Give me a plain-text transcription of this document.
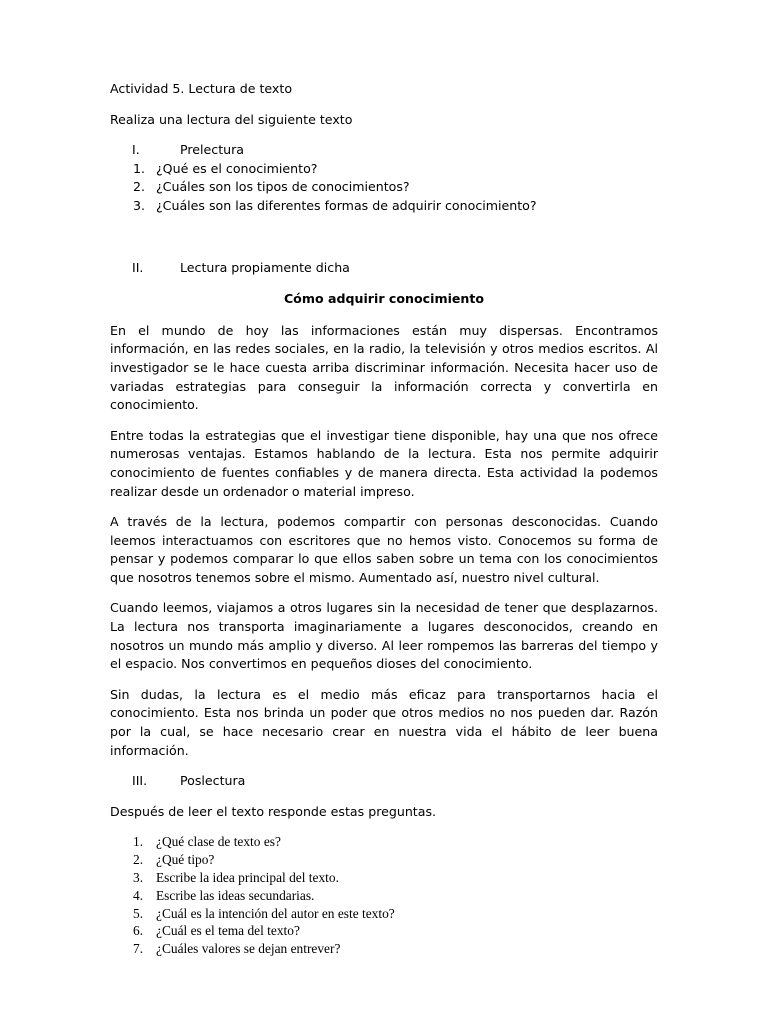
Actividad 5. Lectura de texto

Realiza una lectura del siguiente texto

I.	Prelectura
1. ¿Qué es el conocimiento?
2. ¿Cuáles son los tipos de conocimientos?
3. ¿Cuáles son las diferentes formas de adquirir conocimiento?
II.	Lectura propiamente dicha

Cómo adquirir conocimiento

En el mundo de hoy las informaciones están muy dispersas. Encontramos información, en las redes sociales, en la radio, la televisión y otros medios escritos. Al investigador se le hace cuesta arriba discriminar información. Necesita hacer uso de variadas estrategias para conseguir la información correcta y convertirla en conocimiento.

Entre todas la estrategias que el investigar tiene disponible, hay una que nos ofrece numerosas ventajas. Estamos hablando de la lectura. Esta nos permite adquirir conocimiento de fuentes confiables y de manera directa. Esta actividad la podemos realizar desde un ordenador o material impreso.

A través de la lectura, podemos compartir con personas desconocidas. Cuando leemos interactuamos con escritores que no hemos visto. Conocemos su forma de pensar y podemos comparar lo que ellos saben sobre un tema con los conocimientos que nosotros tenemos sobre el mismo. Aumentado así, nuestro nivel cultural.

Cuando leemos, viajamos a otros lugares sin la necesidad de tener que desplazarnos. La lectura nos transporta imaginariamente a lugares desconocidos, creando en nosotros un mundo más amplio y diverso. Al leer rompemos las barreras del tiempo y el espacio. Nos convertimos en pequeños dioses del conocimiento.

Sin dudas, la lectura es el medio más eficaz para transportarnos hacia el conocimiento. Esta nos brinda un poder que otros medios no nos pueden dar. Razón por la cual, se hace necesario crear en nuestra vida el hábito de leer buena información.

III.	Poslectura

Después de leer el texto responde estas preguntas.

1. ¿Qué clase de texto es?
2. ¿Qué tipo?
3. Escribe la idea principal del texto.
4. Escribe las ideas secundarias.
5. ¿Cuál es la intención del autor en este texto?
6. ¿Cuál es el tema del texto?
7. ¿Cuáles valores se dejan entrever?
